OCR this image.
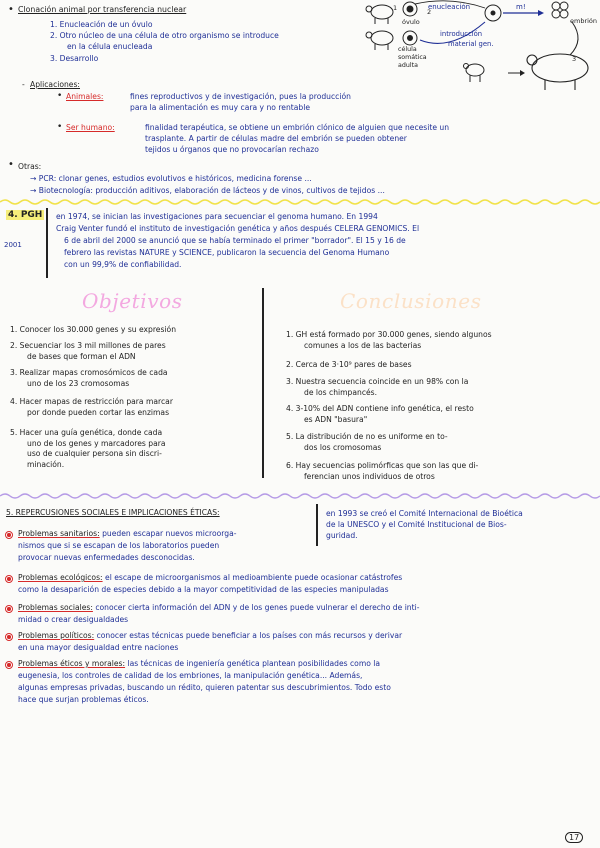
• Clonación animal por transferencia nuclear
1. Enucleación de un óvulo
2. Otro núcleo de una célula de otro organismo se introduce
en la célula enucleada
3. Desarrollo
1	enucleación
2
m!
embrión
óvulo
introducción
material gen.
célula somática adulta
3
- Aplicaciones:
• Animales:	fines reproductivos y de investigación, pues la producción
para la alimentación es muy cara y no rentable
• Ser humano:	finalidad terapéutica, se obtiene un embrión clónico de alguien que necesite un
trasplante. A partir de células madre del embrión se pueden obtener
tejidos u órganos que no provocarían rechazo
• Otras:
→ PCR: clonar genes, estudios evolutivos e históricos, medicina forense ...
→ Biotecnología: producción aditivos, elaboración de lácteos y de vinos, cultivos de tejidos ...
4. PGH
2001
en 1974, se inician las investigaciones para secuenciar el genoma humano. En 1994
Craig Venter fundó el instituto de investigación genética y años después CELERA GENOMICS. El
6 de abril del 2000 se anunció que se había terminado el primer "borrador". El 15 y 16 de
febrero las revistas NATURE y SCIENCE, publicaron la secuencia del Genoma Humano
con un 99,9% de confiabilidad.
Objetivos	Conclusiones
1. Conocer los 30.000 genes y su expresión
2. Secuenciar los 3 mil millones de pares
de bases que forman el ADN
3. Realizar mapas cromosómicos de cada
uno de los 23 cromosomas
4. Hacer mapas de restricción para marcar
por donde pueden cortar las enzimas
5. Hacer una guía genética, donde cada
uno de los genes y marcadores para
uso de cualquier persona sin discri-
minación.
1. GH está formado por 30.000 genes, siendo algunos
comunes a los de las bacterias
2. Cerca de 3·10⁹ pares de bases
3. Nuestra secuencia coincide en un 98% con la
de los chimpancés.
4. 3-10% del ADN contiene info genética, el resto
es ADN "basura"
5. La distribución de no es uniforme en to-
dos los cromosomas
6. Hay secuencias polimórficas que son las que di-
ferencian unos individuos de otros
5. REPERCUSIONES SOCIALES E IMPLICACIONES ÉTICAS:	en 1993 se creó el Comité Internacional de Bioética
de la UNESCO y el Comité Institucional de Bios-
guridad.
Problemas sanitarios: pueden escapar nuevos microorga-
nismos que si se escapan de los laboratorios pueden
provocar nuevas enfermedades desconocidas.
Problemas ecológicos: el escape de microorganismos al medioambiente puede ocasionar catástrofes
como la desaparición de especies debido a la mayor competitividad de las especies manipuladas
Problemas sociales: conocer cierta información del ADN y de los genes puede vulnerar el derecho de inti-
midad o crear desigualdades
Problemas políticos: conocer estas técnicas puede beneficiar a los países con más recursos y derivar
en una mayor desigualdad entre naciones
Problemas éticos y morales: las técnicas de ingeniería genética plantean posibilidades como la
eugenesia, los controles de calidad de los embriones, la manipulación genética... Además,
algunas empresas privadas, buscando un rédito, quieren patentar sus descubrimientos. Todo esto
hace que surjan problemas éticos.
17
